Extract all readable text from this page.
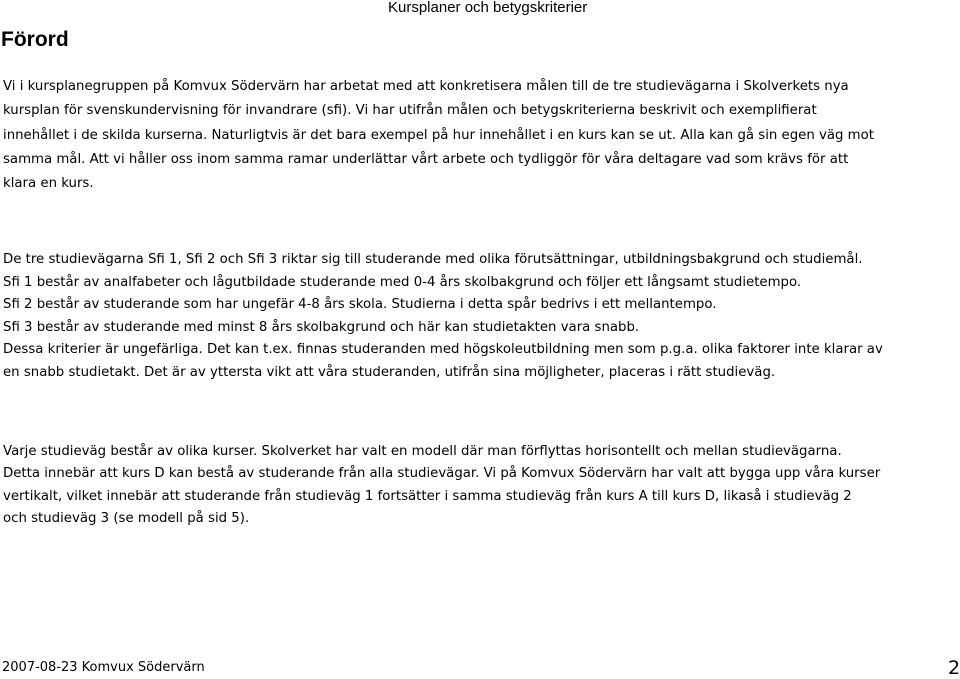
Kursplaner och betygskriterier
Förord

Vi i kursplanegruppen på Komvux Södervärn har arbetat med att konkretisera målen till de tre studievägarna i Skolverkets nya
kursplan för svenskundervisning för invandrare (sfi). Vi har utifrån målen och betygskriterierna beskrivit och exemplifierat
innehållet i de skilda kurserna. Naturligtvis är det bara exempel på hur innehållet i en kurs kan se ut. Alla kan gå sin egen väg mot
samma mål. Att vi håller oss inom samma ramar underlättar vårt arbete och tydliggör för våra deltagare vad som krävs för att
klara en kurs.

De tre studievägarna Sfi 1, Sfi 2 och Sfi 3 riktar sig till studerande med olika förutsättningar, utbildningsbakgrund och studiemål.
Sfi 1 består av analfabeter och lågutbildade studerande med 0-4 års skolbakgrund och följer ett långsamt studietempo.
Sfi 2 består av studerande som har ungefär 4-8 års skola. Studierna i detta spår bedrivs i ett mellantempo.
Sfi 3 består av studerande med minst 8 års skolbakgrund och här kan studietakten vara snabb.
Dessa kriterier är ungefärliga. Det kan t.ex. finnas studeranden med högskoleutbildning men som p.g.a. olika faktorer inte klarar av
en snabb studietakt. Det är av yttersta vikt att våra studeranden, utifrån sina möjligheter, placeras i rätt studieväg.

Varje studieväg består av olika kurser. Skolverket har valt en modell där man förflyttas horisontellt och mellan studievägarna.
Detta innebär att kurs D kan bestå av studerande från alla studievägar. Vi på Komvux Södervärn har valt att bygga upp våra kurser
vertikalt, vilket innebär att studerande från studieväg 1 fortsätter i samma studieväg från kurs A till kurs D, likaså i studieväg 2
och studieväg 3 (se modell på sid 5).

2007-08-23 Komvux Södervärn	2
